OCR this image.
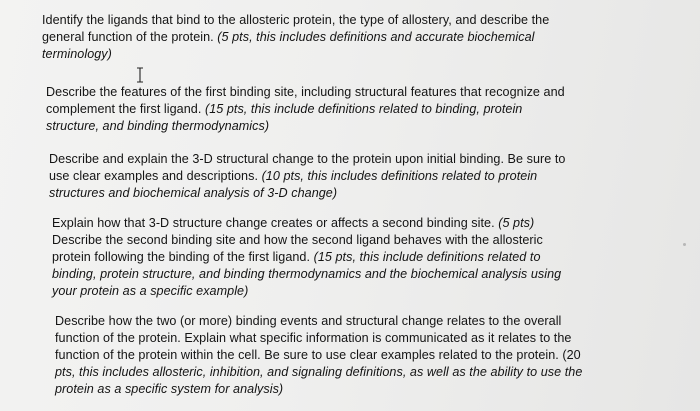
Identify the ligands that bind to the allosteric protein, the type of allostery, and describe the
general function of the protein. (5 pts, this includes definitions and accurate biochemical
terminology)
Describe the features of the first binding site, including structural features that recognize and
complement the first ligand. (15 pts, this include definitions related to binding, protein
structure, and binding thermodynamics)
Describe and explain the 3-D structural change to the protein upon initial binding. Be sure to
use clear examples and descriptions. (10 pts, this includes definitions related to protein
structures and biochemical analysis of 3-D change)
Explain how that 3-D structure change creates or affects a second binding site. (5 pts)
Describe the second binding site and how the second ligand behaves with the allosteric
protein following the binding of the first ligand. (15 pts, this include definitions related to
binding, protein structure, and binding thermodynamics and the biochemical analysis using
your protein as a specific example)
Describe how the two (or more) binding events and structural change relates to the overall
function of the protein. Explain what specific information is communicated as it relates to the
function of the protein within the cell. Be sure to use clear examples related to the protein. (20
pts, this includes allosteric, inhibition, and signaling definitions, as well as the ability to use the
protein as a specific system for analysis)
